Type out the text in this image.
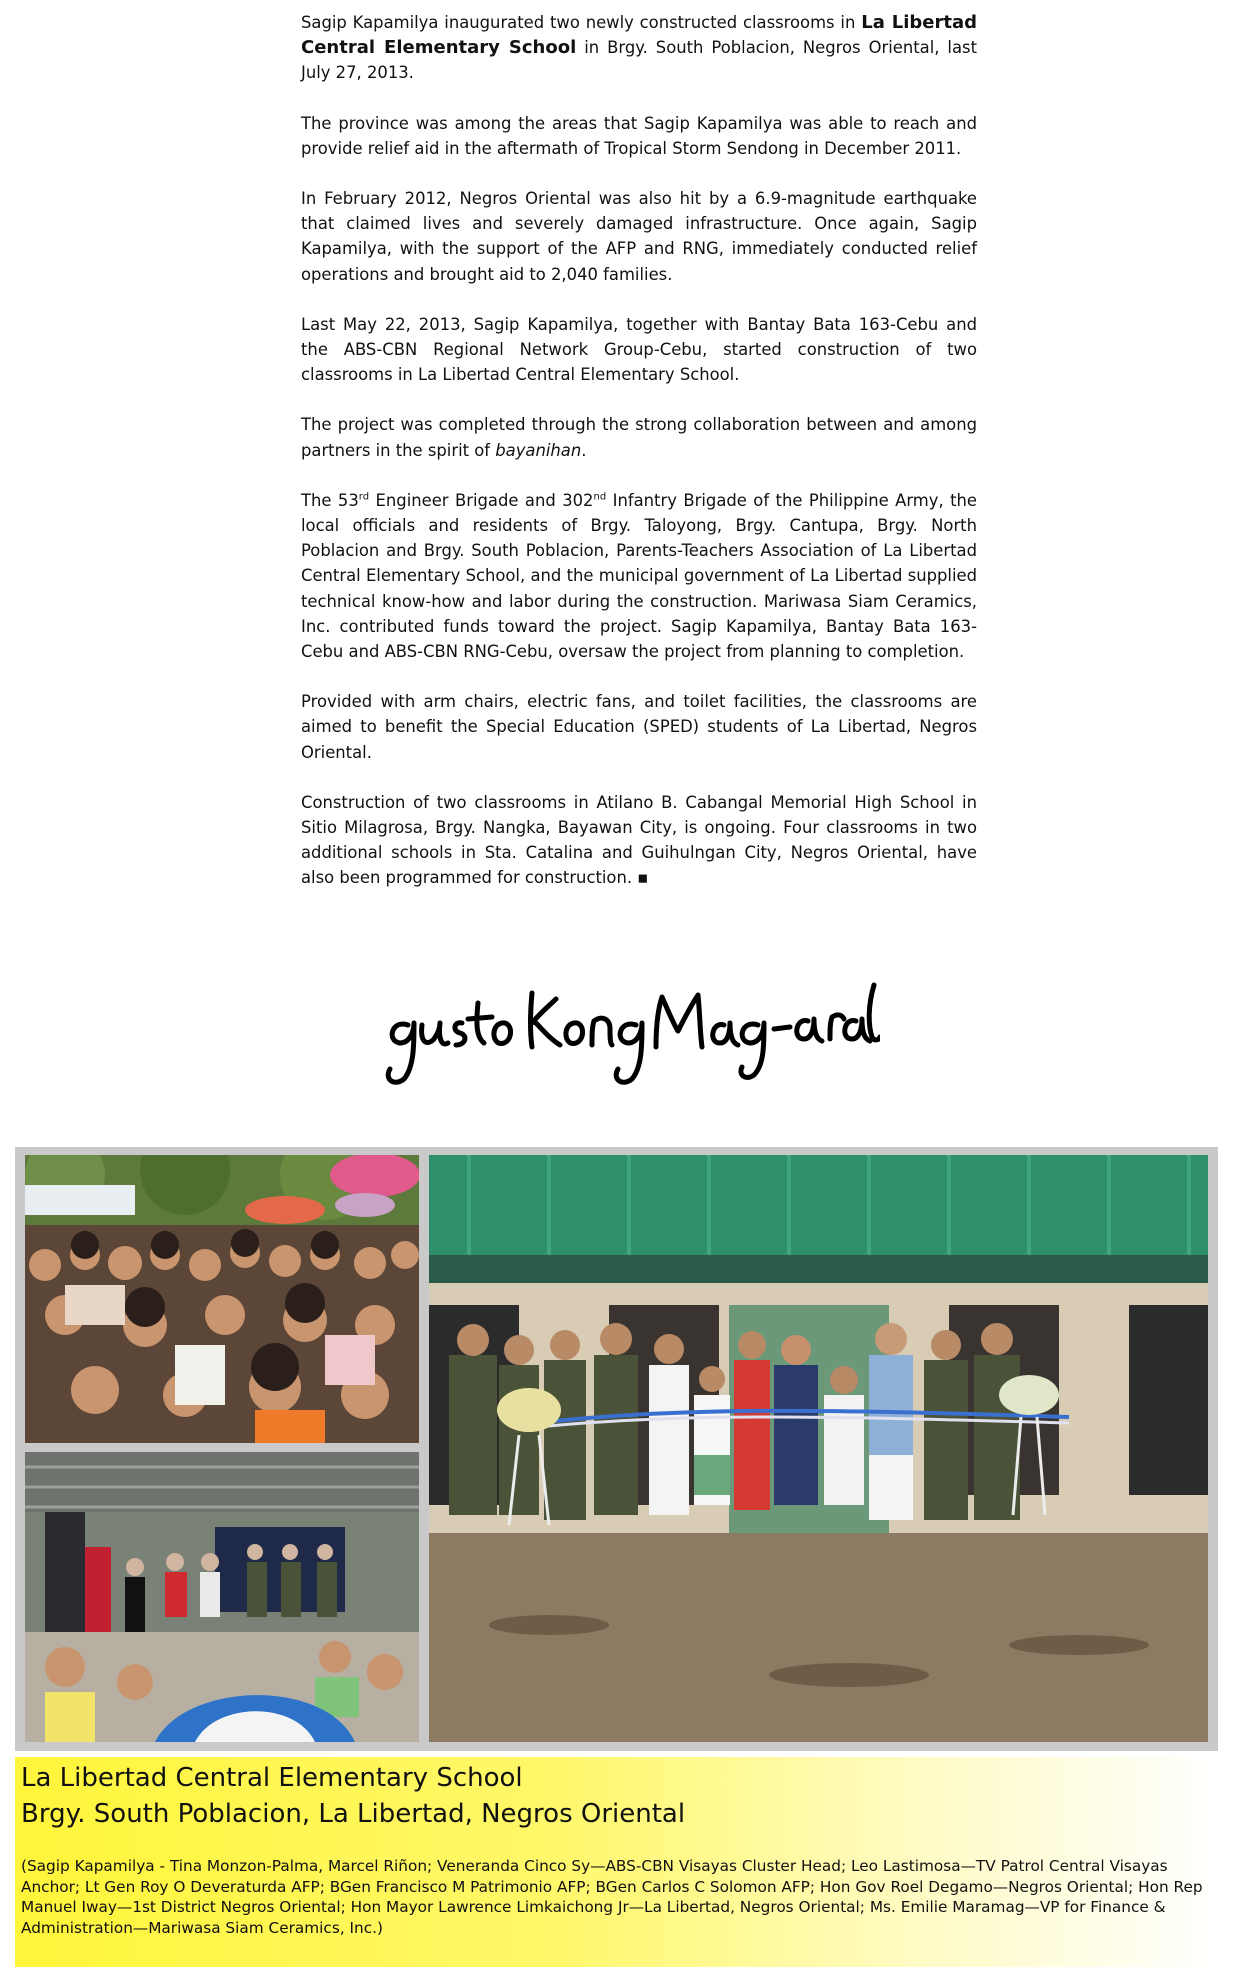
Sagip Kapamilya inaugurated two newly constructed classrooms in La Libertad Central Elementary School in Brgy. South Poblacion, Negros Oriental, last July 27, 2013.

The province was among the areas that Sagip Kapamilya was able to reach and provide relief aid in the aftermath of Tropical Storm Sendong in December 2011.

In February 2012, Negros Oriental was also hit by a 6.9-magnitude earthquake that claimed lives and severely damaged infrastructure. Once again, Sagip Kapamilya, with the support of the AFP and RNG, immediately conducted relief operations and brought aid to 2,040 families.

Last May 22, 2013, Sagip Kapamilya, together with Bantay Bata 163-Cebu and the ABS-CBN Regional Network Group-Cebu, started construction of two classrooms in La Libertad Central Elementary School.

The project was completed through the strong collaboration between and among partners in the spirit of bayanihan.

The 53rd Engineer Brigade and 302nd Infantry Brigade of the Philippine Army, the local officials and residents of Brgy. Taloyong, Brgy. Cantupa, Brgy. North Poblacion and Brgy. South Poblacion, Parents-Teachers Association of La Libertad Central Elementary School, and the municipal government of La Libertad supplied technical know-how and labor during the construction. Mariwasa Siam Ceramics, Inc. contributed funds toward the project. Sagip Kapamilya, Bantay Bata 163-Cebu and ABS-CBN RNG-Cebu, oversaw the project from planning to completion.

Provided with arm chairs, electric fans, and toilet facilities, the classrooms are aimed to benefit the Special Education (SPED) students of La Libertad, Negros Oriental.

Construction of two classrooms in Atilano B. Cabangal Memorial High School in Sitio Milagrosa, Brgy. Nangka, Bayawan City, is ongoing. Four classrooms in two additional schools in Sta. Catalina and Guihulngan City, Negros Oriental, have also been programmed for construction. ▪

La Libertad Central Elementary School
Brgy. South Poblacion, La Libertad, Negros Oriental
(Sagip Kapamilya - Tina Monzon-Palma, Marcel Riñon; Veneranda Cinco Sy—ABS-CBN Visayas Cluster Head; Leo Lastimosa—TV Patrol Central Visayas Anchor; Lt Gen Roy O Deveraturda AFP; BGen Francisco M Patrimonio AFP; BGen Carlos C Solomon AFP; Hon Gov Roel Degamo—Negros Oriental; Hon Rep Manuel Iway—1st District Negros Oriental; Hon Mayor Lawrence Limkaichong Jr—La Libertad, Negros Oriental; Ms. Emilie Maramag—VP for Finance & Administration—Mariwasa Siam Ceramics, Inc.)
